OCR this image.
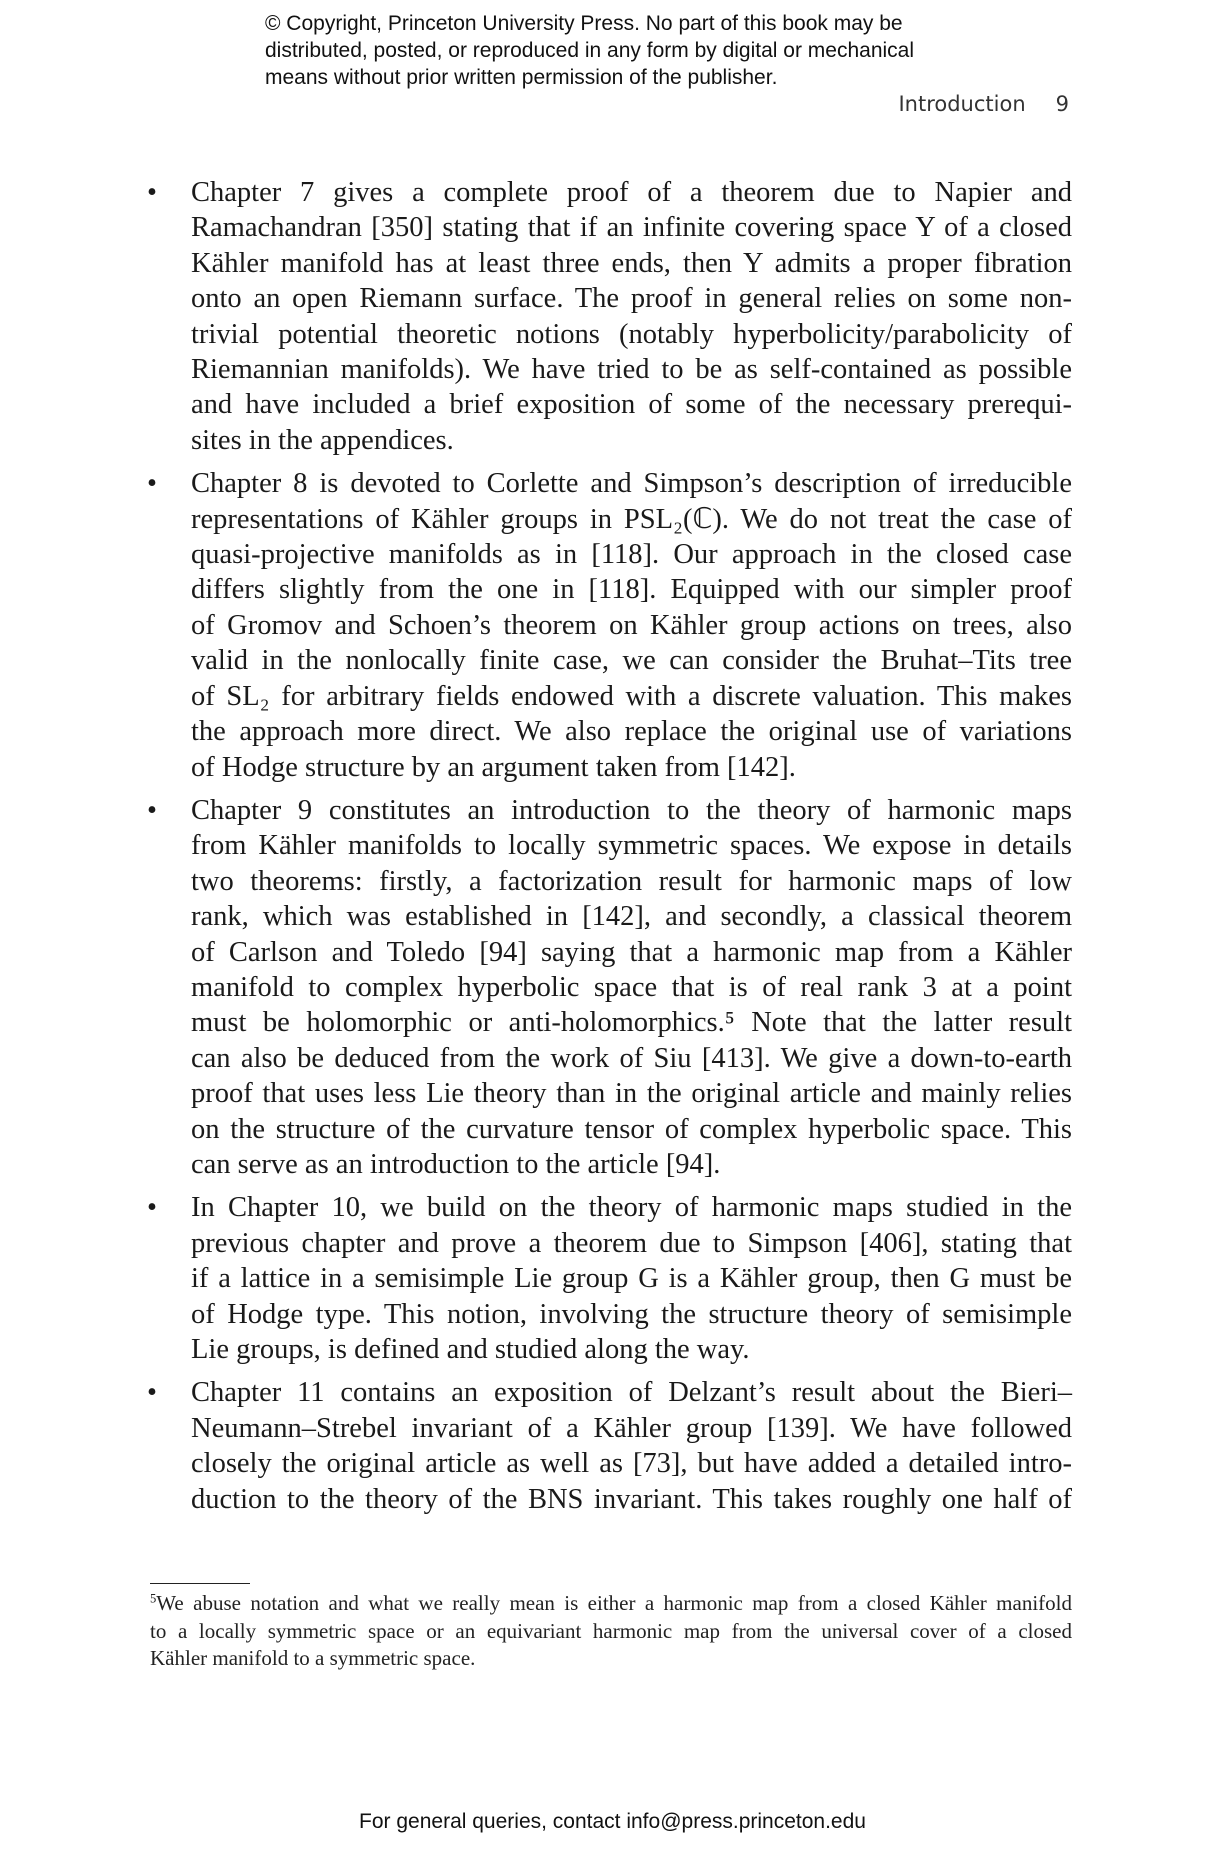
© Copyright, Princeton University Press. No part of this book may be
distributed, posted, or reproduced in any form by digital or mechanical
means without prior written permission of the publisher.
Introduction 9
• Chapter 7 gives a complete proof of a theorem due to Napier and
Ramachandran [350] stating that if an infinite covering space Y of a closed
Kähler manifold has at least three ends, then Y admits a proper fibration
onto an open Riemann surface. The proof in general relies on some non-
trivial potential theoretic notions (notably hyperbolicity/parabolicity of
Riemannian manifolds). We have tried to be as self-contained as possible
and have included a brief exposition of some of the necessary prerequi-
sites in the appendices.
• Chapter 8 is devoted to Corlette and Simpson’s description of irreducible
representations of Kähler groups in PSL₂(ℂ). We do not treat the case of
quasi-projective manifolds as in [118]. Our approach in the closed case
differs slightly from the one in [118]. Equipped with our simpler proof
of Gromov and Schoen’s theorem on Kähler group actions on trees, also
valid in the nonlocally finite case, we can consider the Bruhat–Tits tree
of SL₂ for arbitrary fields endowed with a discrete valuation. This makes
the approach more direct. We also replace the original use of variations
of Hodge structure by an argument taken from [142].
• Chapter 9 constitutes an introduction to the theory of harmonic maps
from Kähler manifolds to locally symmetric spaces. We expose in details
two theorems: firstly, a factorization result for harmonic maps of low
rank, which was established in [142], and secondly, a classical theorem
of Carlson and Toledo [94] saying that a harmonic map from a Kähler
manifold to complex hyperbolic space that is of real rank 3 at a point
must be holomorphic or anti-holomorphics.⁵ Note that the latter result
can also be deduced from the work of Siu [413]. We give a down-to-earth
proof that uses less Lie theory than in the original article and mainly relies
on the structure of the curvature tensor of complex hyperbolic space. This
can serve as an introduction to the article [94].
• In Chapter 10, we build on the theory of harmonic maps studied in the
previous chapter and prove a theorem due to Simpson [406], stating that
if a lattice in a semisimple Lie group G is a Kähler group, then G must be
of Hodge type. This notion, involving the structure theory of semisimple
Lie groups, is defined and studied along the way.
• Chapter 11 contains an exposition of Delzant’s result about the Bieri–
Neumann–Strebel invariant of a Kähler group [139]. We have followed
closely the original article as well as [73], but have added a detailed intro-
duction to the theory of the BNS invariant. This takes roughly one half of
$^5$We abuse notation and what we really mean is either a harmonic map from a closed Kähler manifold
to a locally symmetric space or an equivariant harmonic map from the universal cover of a closed
Kähler manifold to a symmetric space.
For general queries, contact info@press.princeton.edu
